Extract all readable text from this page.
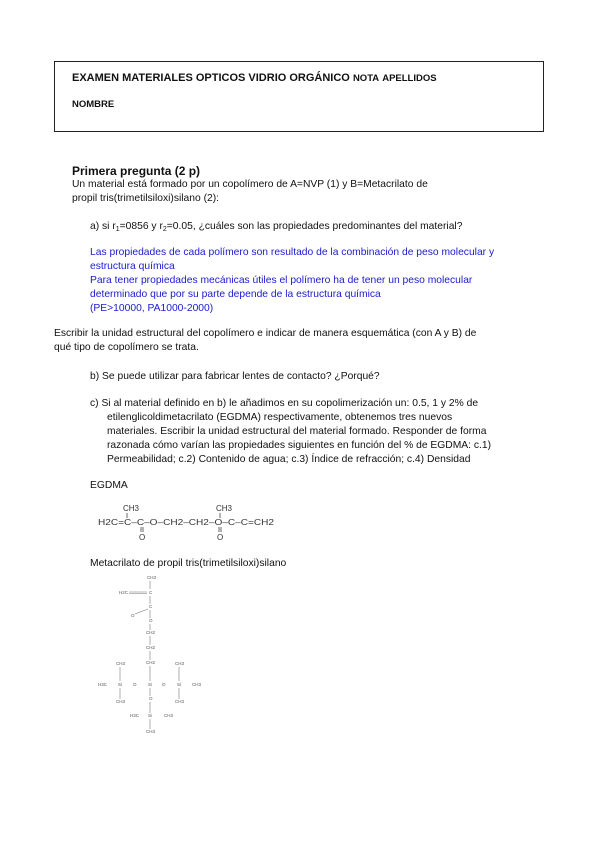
EXAMEN MATERIALES OPTICOS VIDRIO ORGÁNICO NOTA APELLIDOS
NOMBRE
Primera pregunta (2 p)
Un material está formado por un copolímero de A=NVP (1) y B=Metacrilato de
propil tris(trimetilsiloxi)silano (2):
a) si $r_1=0856$ y $r_2=0.05$, ¿cuáles son las propiedades predominantes del material?
Las propiedades de cada polímero son resultado de la combinación de peso molecular y
estructura química
Para tener propiedades mecánicas útiles el polímero ha de tener un peso molecular
determinado que por su parte depende de la estructura química
(PE>10000, PA1000-2000)
Escribir la unidad estructural del copolímero e indicar de manera esquemática (con A y B) de
qué tipo de copolímero se trata.
b) Se puede utilizar para fabricar lentes de contacto? ¿Porqué?
c) Si al material definido en b) le añadimos en su copolimerización un: 0.5, 1 y 2% de
etilenglicoldimetacrilato (EGDMA) respectivamente, obtenemos tres nuevos
materiales. Escribir la unidad estructural del material formado. Responder de forma
razonada cómo varían las propiedades siguientes en función del % de EGDMA: c.1)
Permeabilidad; c.2) Contenido de agua; c.3) Índice de refracción; c.4) Densidad
EGDMA
CH3	CH3
H2C=C–C–O–CH2–CH2–O–C–C=CH2
O	O
Metacrilato de propil tris(trimetilsiloxi)silano
CH3
H2C	C
C
O
O
CH2
CH2
CH2
CH3	CH3
H3C Si O	Si O	Si CH3
CH3	CH3
O
H3C Si	CH3
CH3
